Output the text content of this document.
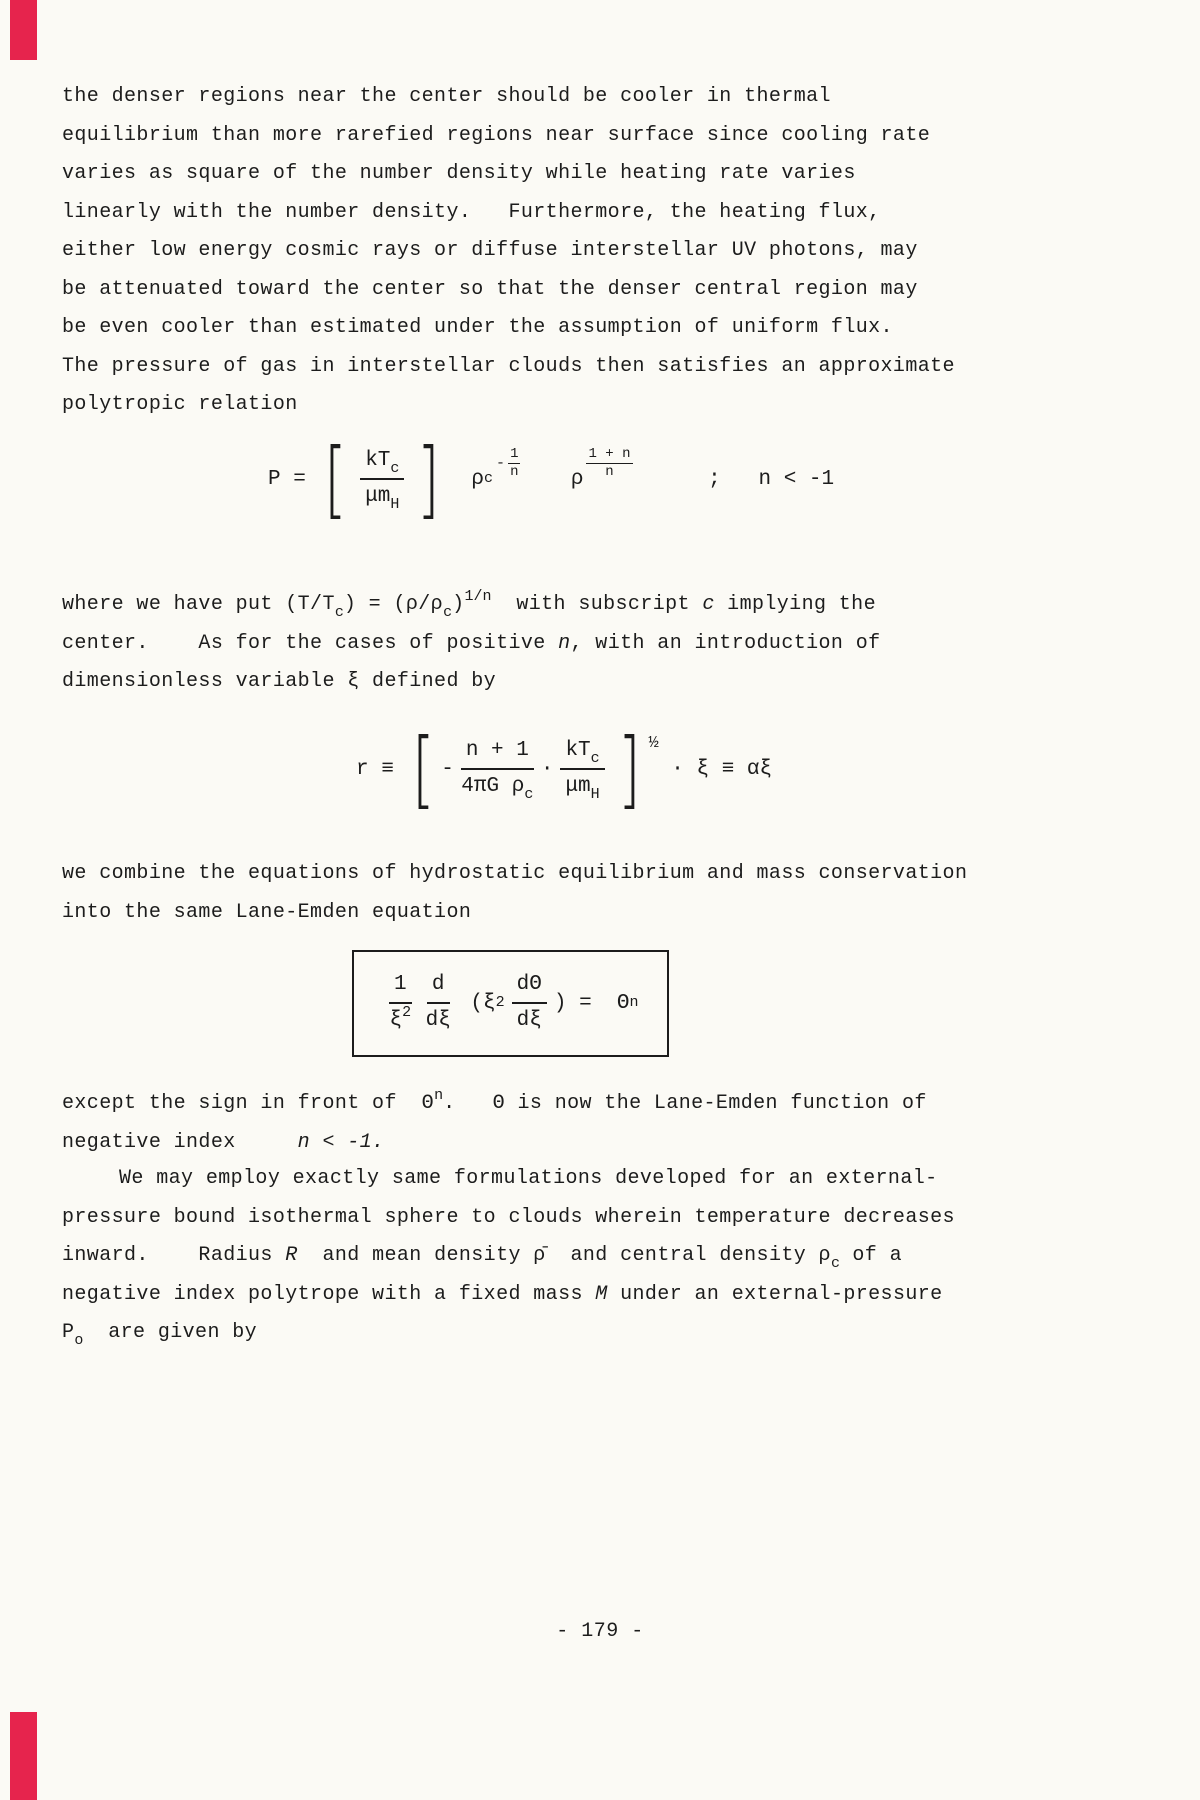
the denser regions near the center should be cooler in thermal
equilibrium than more rarefied regions near surface since cooling rate
varies as square of the number density while heating rate varies
linearly with the number density.   Furthermore, the heating flux,
either low energy cosmic rays or diffuse interstellar UV photons, may
be attenuated toward the center so that the denser central region may
be even cooler than estimated under the assumption of uniform flux.
The pressure of gas in interstellar clouds then satisfies an approximate
polytropic relation
P = [ $\frac{kT_c}{\mu m_H}$ ] ρ c
- $\frac{1}{n}$ ρ $\frac{1 + n}{n}$ ;   n < -1
where we have put $(T/T_c) = (\rho/\rho_c)^{1/n}$  with subscript c implying the
center.    As for the cases of positive n, with an introduction of
dimensionless variable ξ defined by
r ≡ [ - $\frac{n + 1}{4\pi G \rho_c} \cdot \frac{kT_c}{\mu m_H}$ ] ½
· ξ ≡ αξ
we combine the equations of hydrostatic equilibrium and mass conservation
into the same Lane-Emden equation
$\frac{1}{\xi^2} \frac{d}{d\xi} (\xi$ $2 \frac{d\Theta}{d\xi}$ ) =  Θ n
except the sign in front of  $\Theta^n$.   Θ is now the Lane-Emden function of
negative index     n < -1.
We may employ exactly same formulations developed for an external-
pressure bound isothermal sphere to clouds wherein temperature decreases
inward.    Radius R  and mean density ρ̄  and central density $\rho_c$ of a
negative index polytrope with a fixed mass M under an external-pressure
$P_o$  are given by
- 179 -
